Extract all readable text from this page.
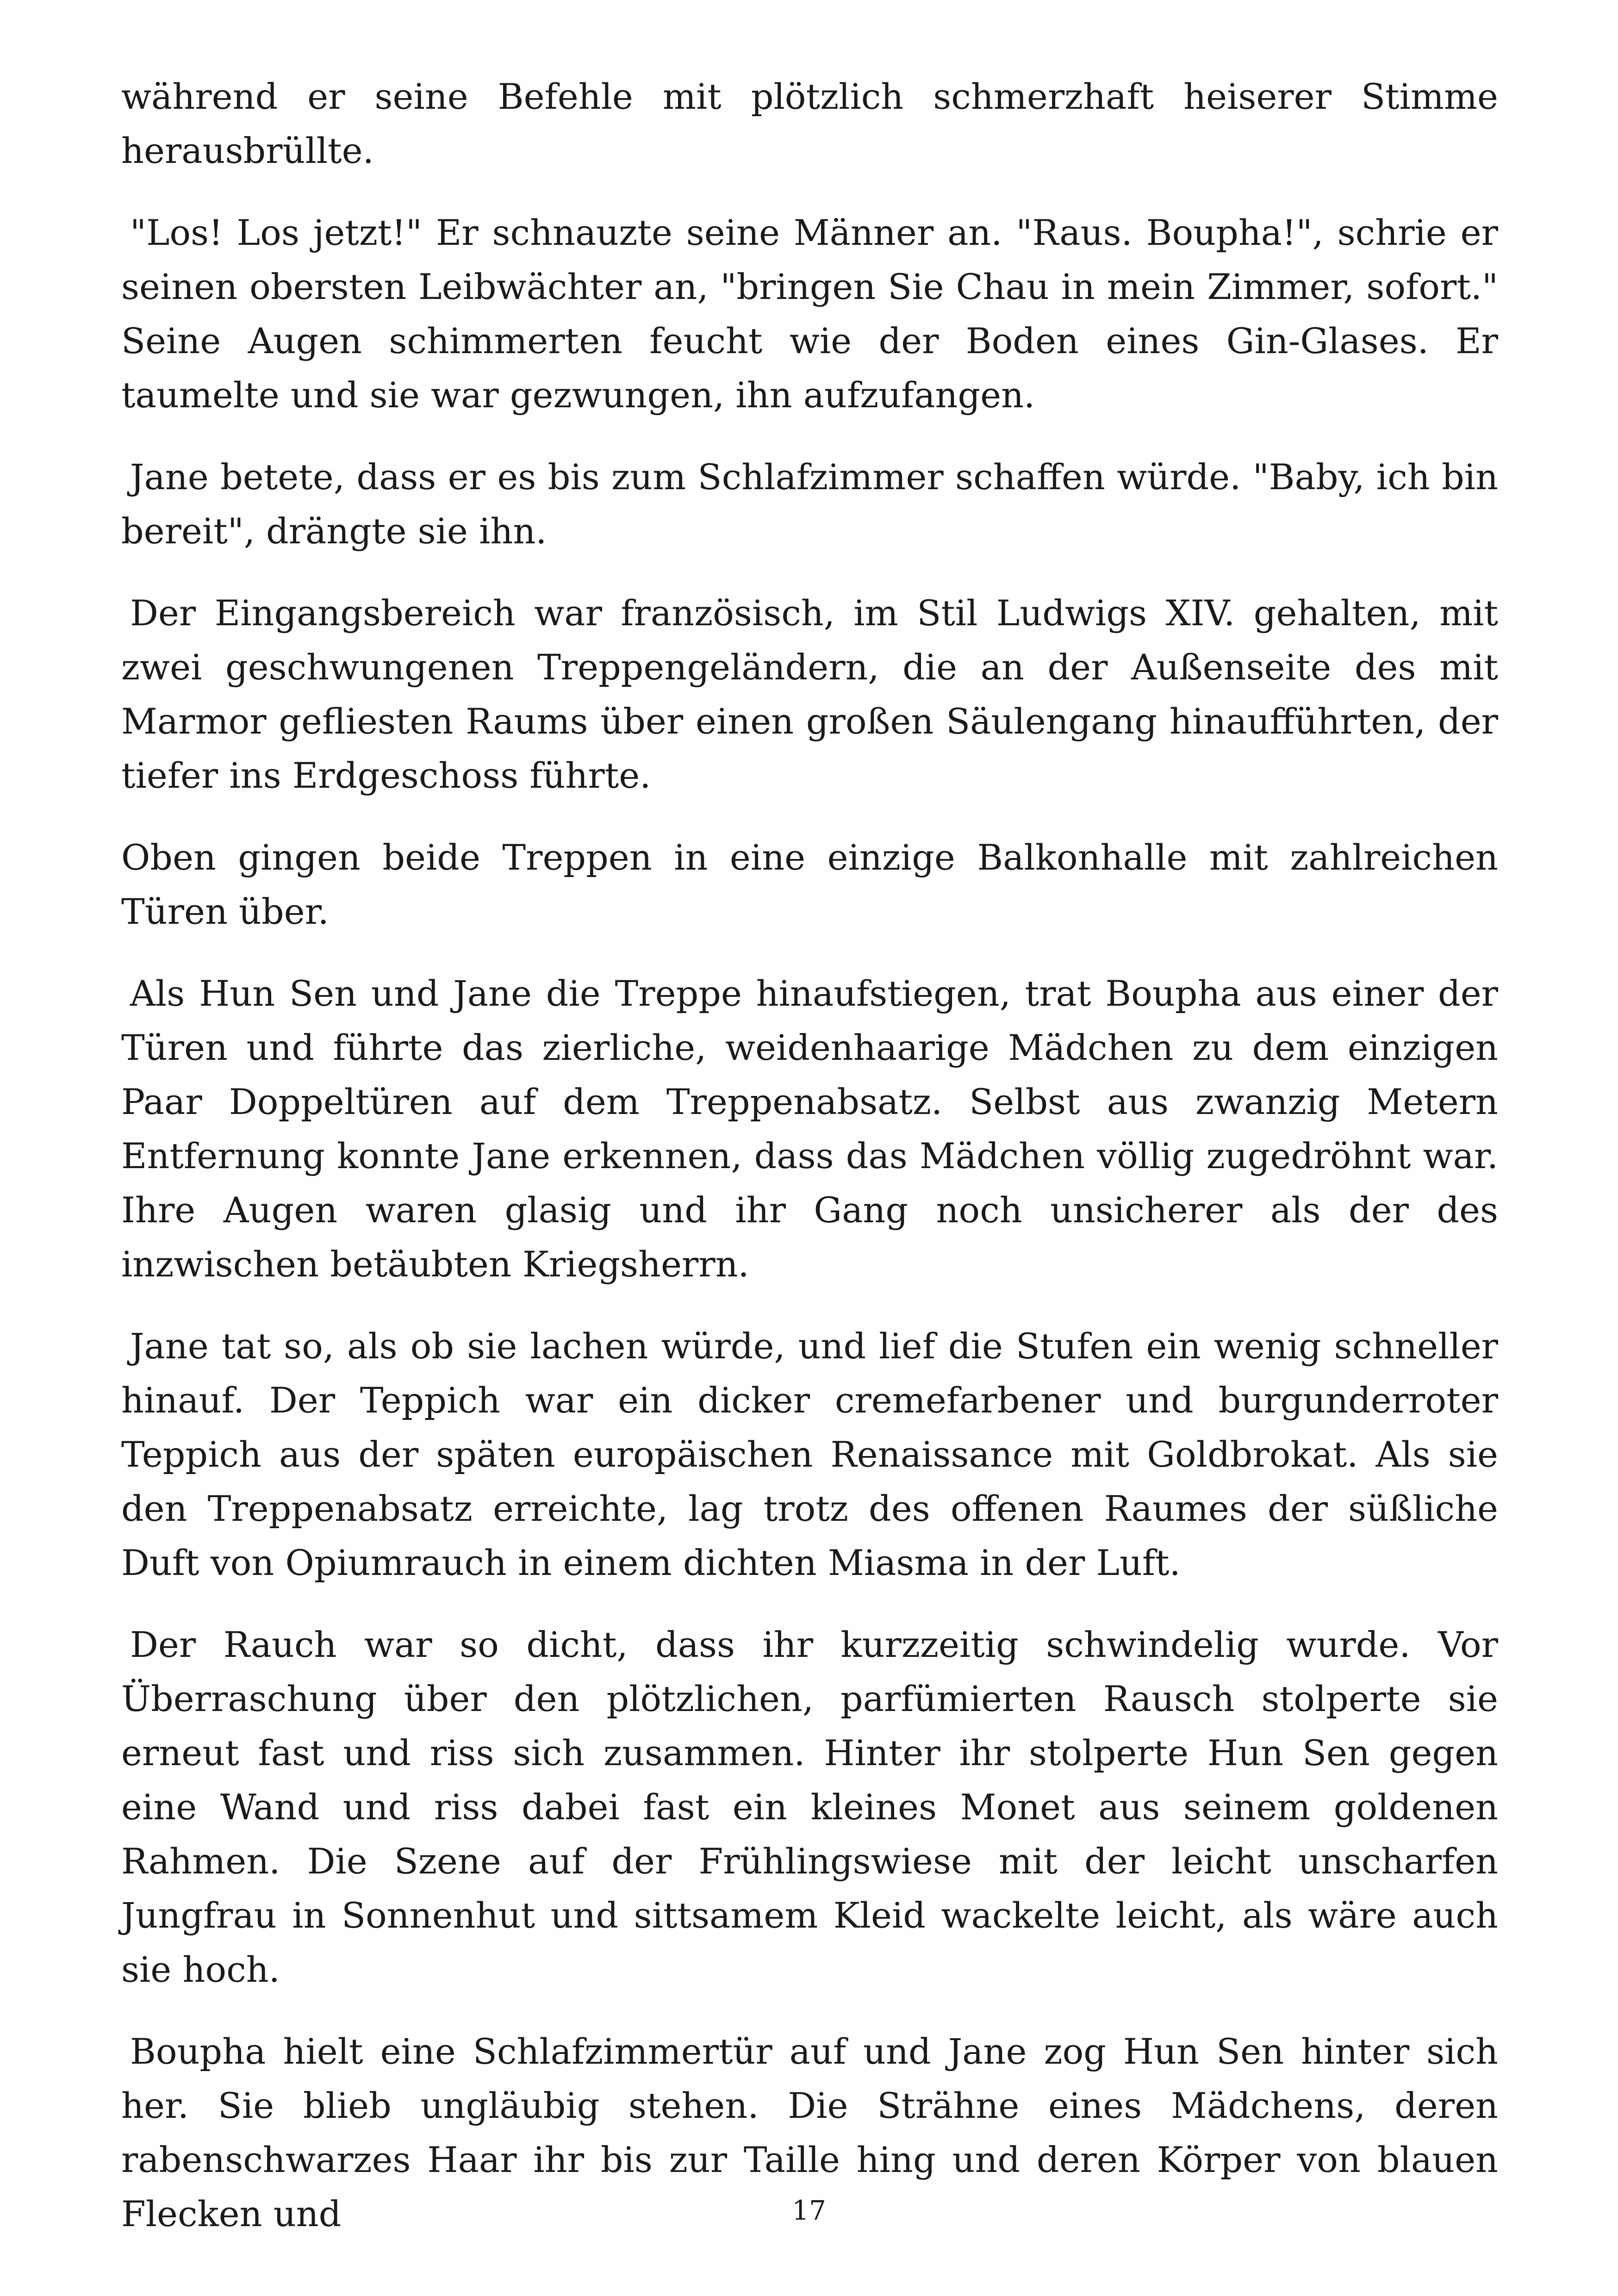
während er seine Befehle mit plötzlich schmerzhaft heiserer Stimme herausbrüllte.

"Los! Los jetzt!" Er schnauzte seine Männer an. "Raus. Boupha!", schrie er seinen obersten Leibwächter an, "bringen Sie Chau in mein Zimmer, sofort." Seine Augen schimmerten feucht wie der Boden eines Gin-Glases. Er taumelte und sie war gezwungen, ihn aufzufangen.

Jane betete, dass er es bis zum Schlafzimmer schaffen würde. "Baby, ich bin bereit", drängte sie ihn.

Der Eingangsbereich war französisch, im Stil Ludwigs XIV. gehalten, mit zwei geschwungenen Treppengeländern, die an der Außenseite des mit Marmor gefliesten Raums über einen großen Säulengang hinaufführten, der tiefer ins Erdgeschoss führte.

Oben gingen beide Treppen in eine einzige Balkonhalle mit zahlreichen Türen über.

Als Hun Sen und Jane die Treppe hinaufstiegen, trat Boupha aus einer der Türen und führte das zierliche, weidenhaarige Mädchen zu dem einzigen Paar Doppeltüren auf dem Treppenabsatz. Selbst aus zwanzig Metern Entfernung konnte Jane erkennen, dass das Mädchen völlig zugedröhnt war. Ihre Augen waren glasig und ihr Gang noch unsicherer als der des inzwischen betäubten Kriegsherrn.

Jane tat so, als ob sie lachen würde, und lief die Stufen ein wenig schneller hinauf. Der Teppich war ein dicker cremefarbener und burgunderroter Teppich aus der späten europäischen Renaissance mit Goldbrokat. Als sie den Treppenabsatz erreichte, lag trotz des offenen Raumes der süßliche Duft von Opiumrauch in einem dichten Miasma in der Luft.

Der Rauch war so dicht, dass ihr kurzzeitig schwindelig wurde. Vor Überraschung über den plötzlichen, parfümierten Rausch stolperte sie erneut fast und riss sich zusammen. Hinter ihr stolperte Hun Sen gegen eine Wand und riss dabei fast ein kleines Monet aus seinem goldenen Rahmen. Die Szene auf der Frühlingswiese mit der leicht unscharfen Jungfrau in Sonnenhut und sittsamem Kleid wackelte leicht, als wäre auch sie hoch.

Boupha hielt eine Schlafzimmertür auf und Jane zog Hun Sen hinter sich her. Sie blieb ungläubig stehen. Die Strähne eines Mädchens, deren rabenschwarzes Haar ihr bis zur Taille hing und deren Körper von blauen Flecken und	17
